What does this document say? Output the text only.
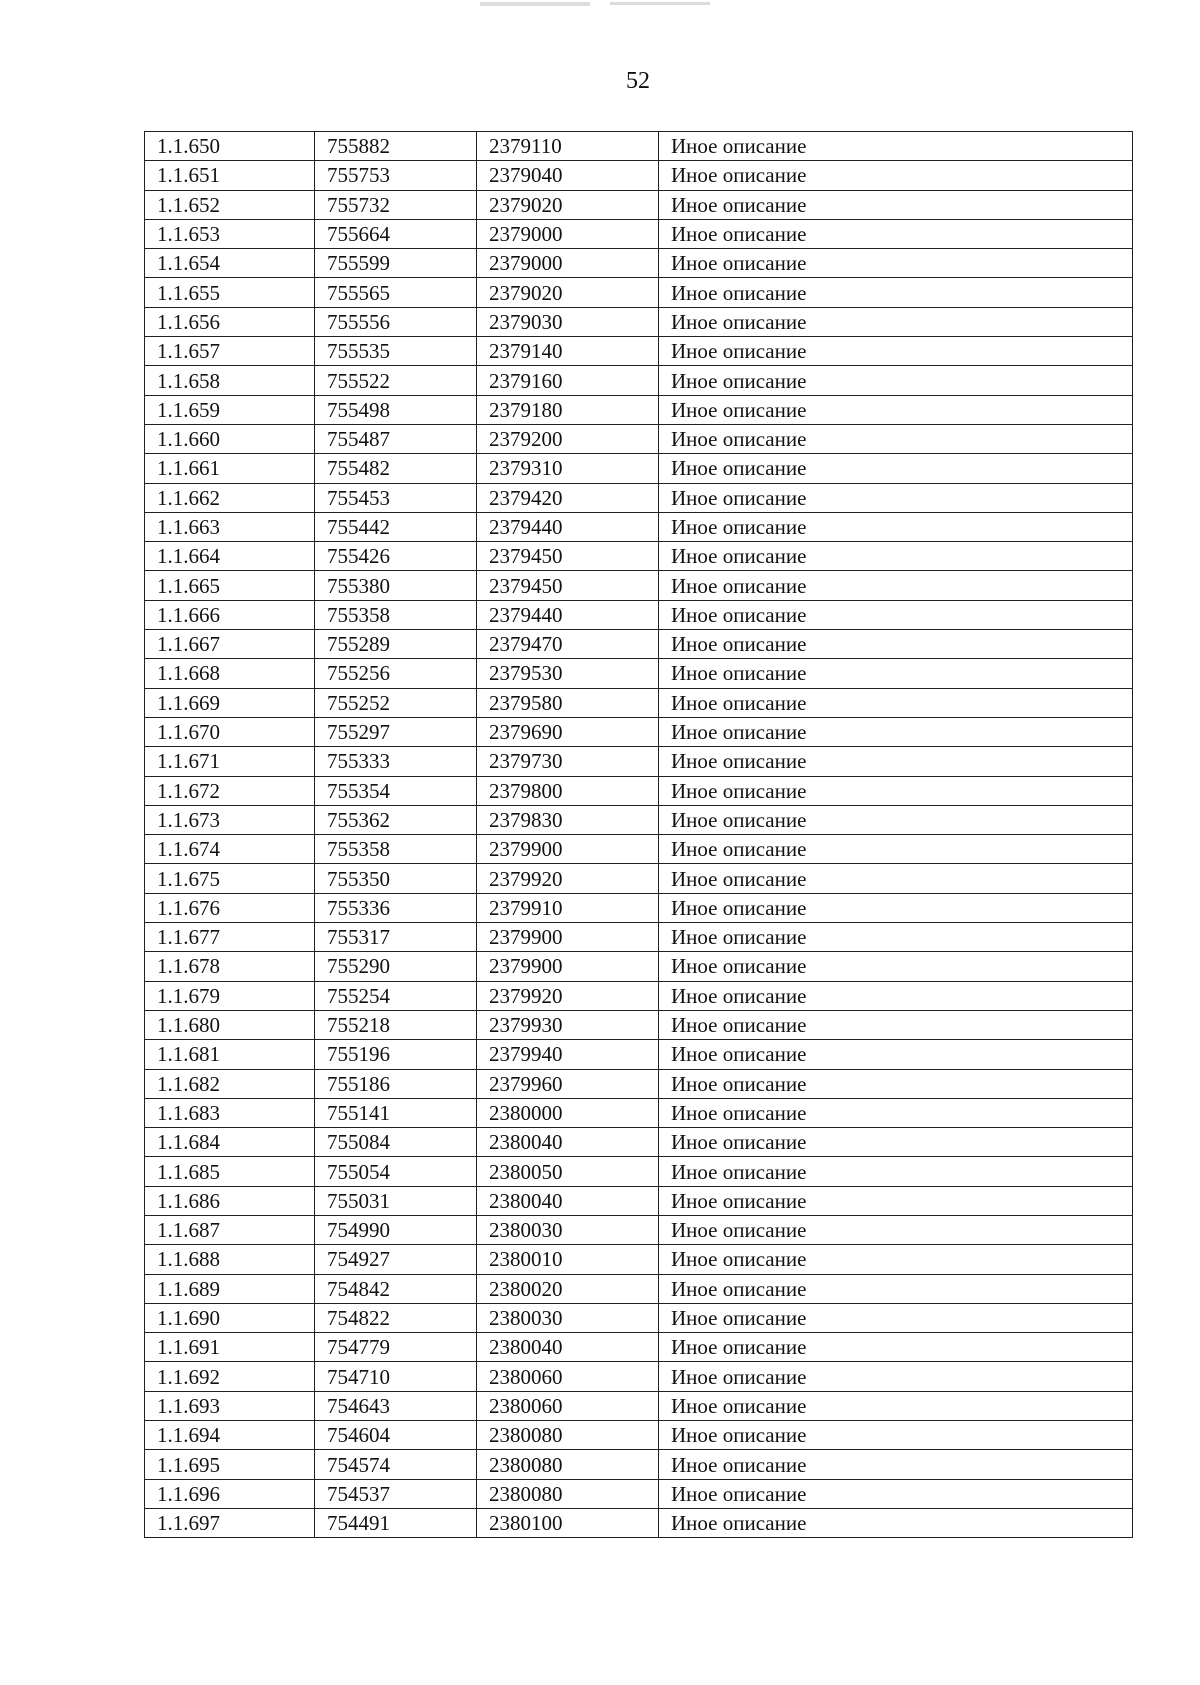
52
1.1.650	755882	2379110	Иное описание
1.1.651	755753	2379040	Иное описание
1.1.652	755732	2379020	Иное описание
1.1.653	755664	2379000	Иное описание
1.1.654	755599	2379000	Иное описание
1.1.655	755565	2379020	Иное описание
1.1.656	755556	2379030	Иное описание
1.1.657	755535	2379140	Иное описание
1.1.658	755522	2379160	Иное описание
1.1.659	755498	2379180	Иное описание
1.1.660	755487	2379200	Иное описание
1.1.661	755482	2379310	Иное описание
1.1.662	755453	2379420	Иное описание
1.1.663	755442	2379440	Иное описание
1.1.664	755426	2379450	Иное описание
1.1.665	755380	2379450	Иное описание
1.1.666	755358	2379440	Иное описание
1.1.667	755289	2379470	Иное описание
1.1.668	755256	2379530	Иное описание
1.1.669	755252	2379580	Иное описание
1.1.670	755297	2379690	Иное описание
1.1.671	755333	2379730	Иное описание
1.1.672	755354	2379800	Иное описание
1.1.673	755362	2379830	Иное описание
1.1.674	755358	2379900	Иное описание
1.1.675	755350	2379920	Иное описание
1.1.676	755336	2379910	Иное описание
1.1.677	755317	2379900	Иное описание
1.1.678	755290	2379900	Иное описание
1.1.679	755254	2379920	Иное описание
1.1.680	755218	2379930	Иное описание
1.1.681	755196	2379940	Иное описание
1.1.682	755186	2379960	Иное описание
1.1.683	755141	2380000	Иное описание
1.1.684	755084	2380040	Иное описание
1.1.685	755054	2380050	Иное описание
1.1.686	755031	2380040	Иное описание
1.1.687	754990	2380030	Иное описание
1.1.688	754927	2380010	Иное описание
1.1.689	754842	2380020	Иное описание
1.1.690	754822	2380030	Иное описание
1.1.691	754779	2380040	Иное описание
1.1.692	754710	2380060	Иное описание
1.1.693	754643	2380060	Иное описание
1.1.694	754604	2380080	Иное описание
1.1.695	754574	2380080	Иное описание
1.1.696	754537	2380080	Иное описание
1.1.697	754491	2380100	Иное описание
